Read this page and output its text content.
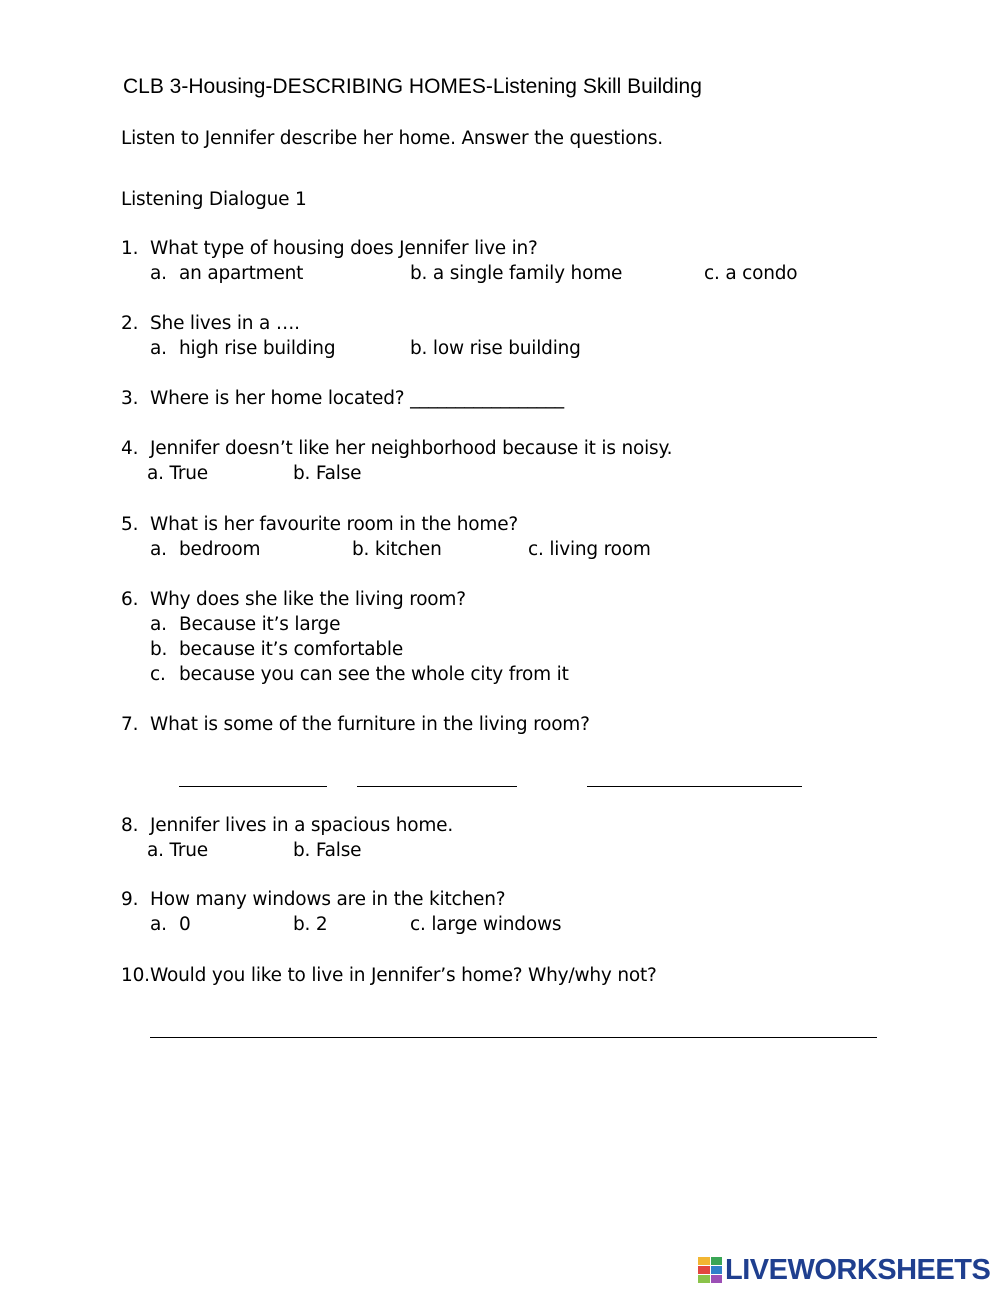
CLB 3-Housing-DESCRIBING HOMES-Listening Skill Building
Listen to Jennifer describe her home. Answer the questions.
Listening Dialogue 1
1. What type of housing does Jennifer live in?
a. an apartment	b. a single family home	c. a condo
2. She lives in a ….
a. high rise building	b. low rise building
3. Where is her home located? _________________
4. Jennifer doesn’t like her neighborhood because it is noisy.
a. True	b. False
5. What is her favourite room in the home?
a. bedroom	b. kitchen	c. living room
6. Why does she like the living room?
a. Because it’s large
b. because it’s comfortable
c. because you can see the whole city from it
7. What is some of the furniture in the living room?
8. Jennifer lives in a spacious home.
a. True	b. False
9. How many windows are in the kitchen?
a. 0	b. 2	c. large windows
10. Would you like to live in Jennifer’s home? Why/why not?
LIVEWORKSHEETS
